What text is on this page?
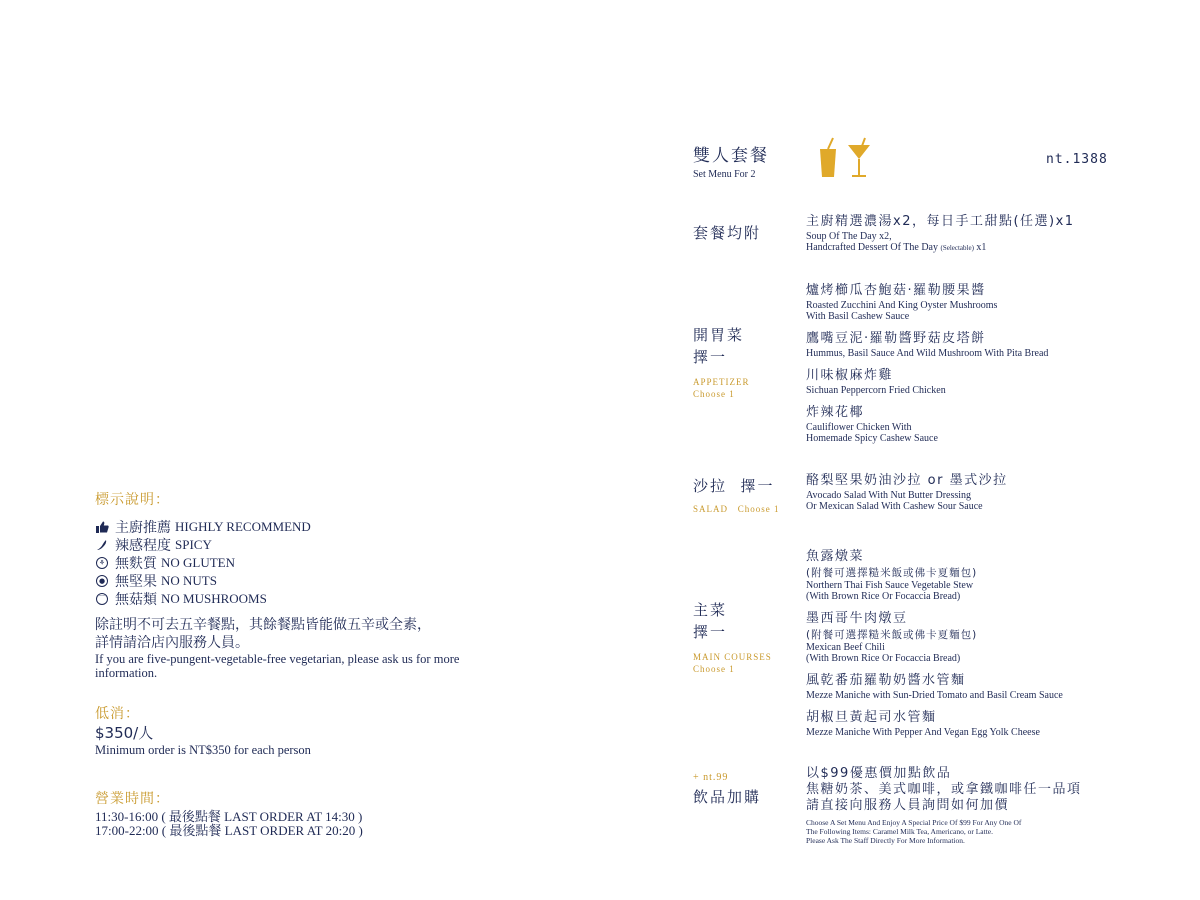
標示說明：
主廚推薦 HIGHLY RECOMMEND
辣感程度 SPICY
⚘ 無麩質 NO GLUTEN
● 無堅果 NO NUTS
⌒ 無菇類 NO MUSHROOMS
除註明不可去五辛餐點，其餘餐點皆能做五辛或全素，
詳情請洽店內服務人員。
If you are five-pungent-vegetable-free vegetarian, please ask us for more
information.
低消：
$350/人
Minimum order is NT$350 for each person
營業時間：
11:30-16:00 ( 最後點餐 LAST ORDER AT 14:30 )
17:00-22:00 ( 最後點餐 LAST ORDER AT 20:20 )
雙人套餐
Set Menu For 2
nt.1388
套餐均附
主廚精選濃湯x2，每日手工甜點(任選)x1
Soup Of The Day x2,
Handcrafted Dessert Of The Day (Selectable) x1
開胃菜
擇一
APPETIZER
Choose 1
爐烤櫛瓜杏鮑菇·羅勒腰果醬
Roasted Zucchini And King Oyster Mushrooms
With Basil Cashew Sauce
鷹嘴豆泥·羅勒醬野菇皮塔餅
Hummus, Basil Sauce And Wild Mushroom With Pita Bread
川味椒麻炸雞
Sichuan Peppercorn Fried Chicken
炸辣花椰
Cauliflower Chicken With
Homemade Spicy Cashew Sauce
沙拉  擇一
SALAD   Choose 1
酪梨堅果奶油沙拉 or 墨式沙拉
Avocado Salad With Nut Butter Dressing
Or Mexican Salad With Cashew Sour Sauce
主菜
擇一
MAIN COURSES
Choose 1
魚露燉菜
(附餐可選擇糙米飯或佛卡夏麵包)
Northern Thai Fish Sauce Vegetable Stew
(With Brown Rice Or Focaccia Bread)
墨西哥牛肉燉豆
(附餐可選擇糙米飯或佛卡夏麵包)
Mexican Beef Chili
(With Brown Rice Or Focaccia Bread)
風乾番茄羅勒奶醬水管麵
Mezze Maniche with Sun-Dried Tomato and Basil Cream Sauce
胡椒旦黃起司水管麵
Mezze Maniche With Pepper And Vegan Egg Yolk Cheese
+ nt.99
飲品加購
以$99優惠價加點飲品
焦糖奶茶、美式咖啡，或拿鐵咖啡任一品項
請直接向服務人員詢問如何加價
Choose A Set Menu And Enjoy A Special Price Of $99 For Any One Of
The Following Items: Caramel Milk Tea, Americano, or Latte.
Please Ask The Staff Directly For More Information.
